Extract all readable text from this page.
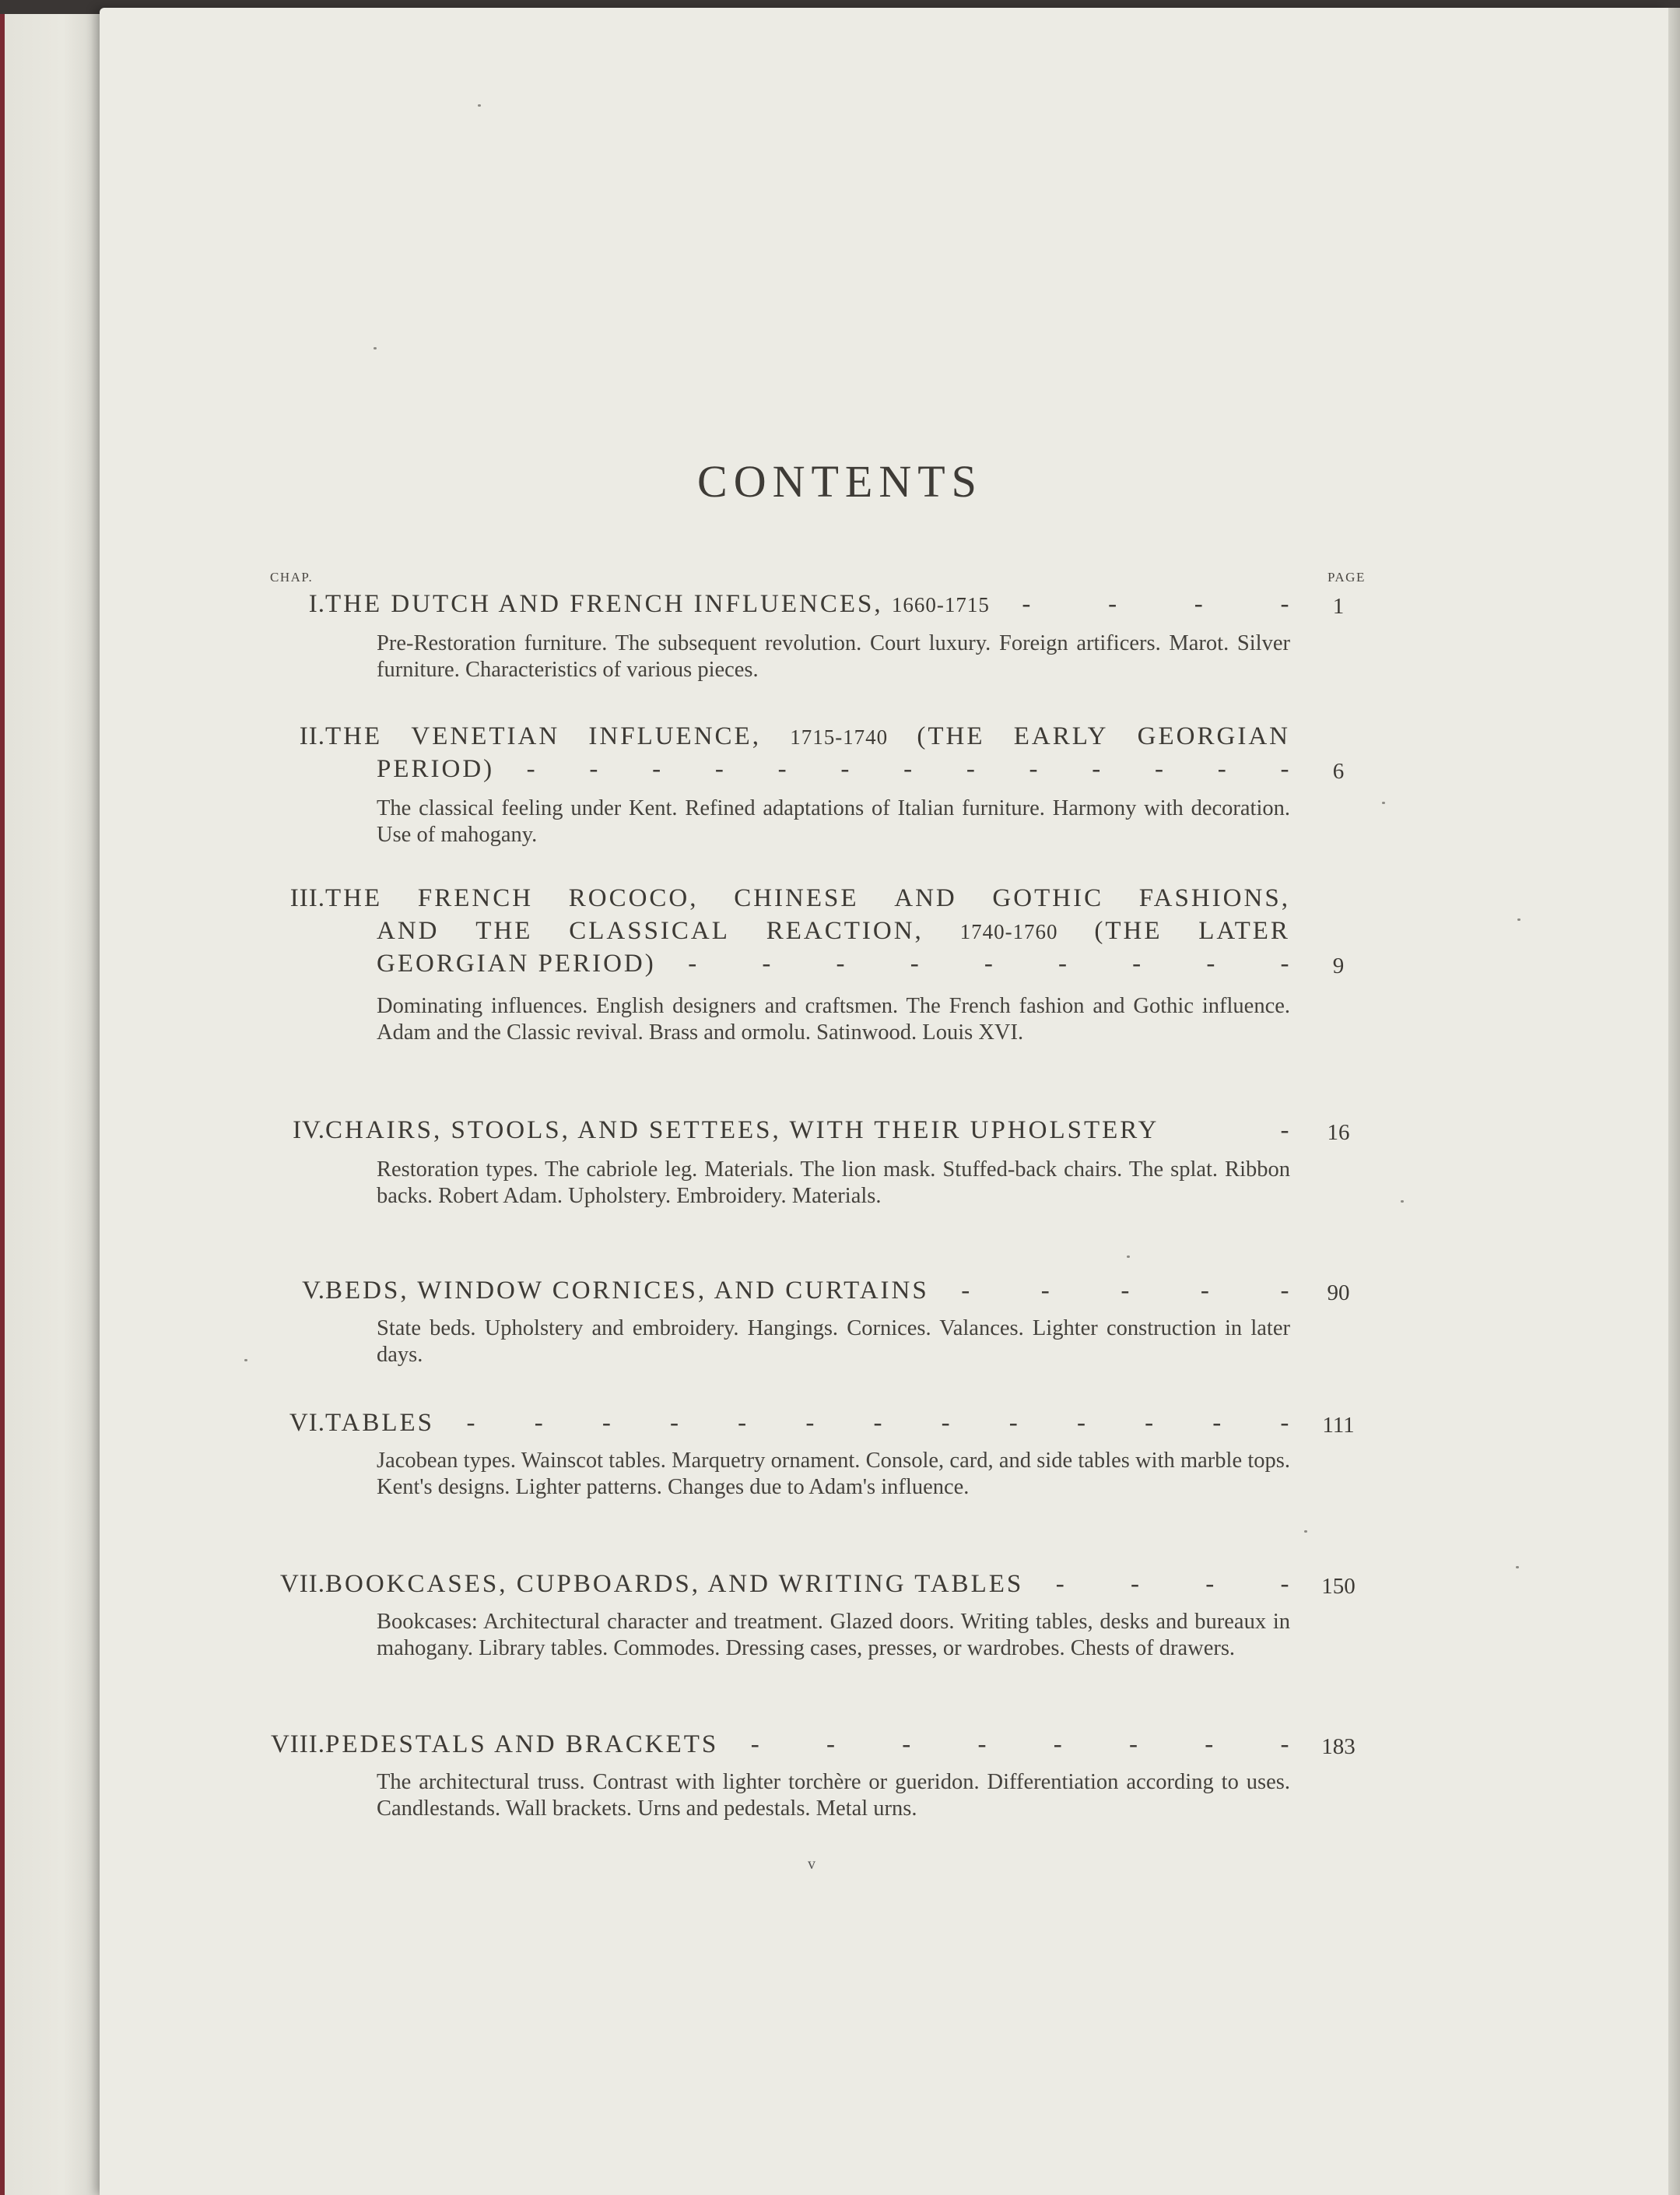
CONTENTS
CHAP.	PAGE
I. THE DUTCH AND FRENCH INFLUENCES, 1660-1715 -	-	-	-	1

Pre-Restoration furniture. The subsequent revolution. Court luxury. Foreign artificers. Marot. Silver furniture. Characteristics of various pieces.

II. THE VENETIAN INFLUENCE, 1715-1740 (THE EARLY GEORGIAN
PERIOD) - - - - - - - - - - - - -	6

The classical feeling under Kent. Refined adaptations of Italian furniture. Harmony with decoration. Use of mahogany.

III. THE FRENCH ROCOCO, CHINESE AND GOTHIC FASHIONS,
AND THE CLASSICAL REACTION, 1740-1760 (THE LATER
GEORGIAN PERIOD) -	-	-	-	-	-	-	-	-	9

Dominating influences. English designers and craftsmen. The French fashion and Gothic influence. Adam and the Classic revival. Brass and ormolu. Satinwood. Louis XVI.

IV. CHAIRS, STOOLS, AND SETTEES, WITH THEIR UPHOLSTERY	-	16

Restoration types. The cabriole leg. Materials. The lion mask. Stuffed-back chairs. The splat. Ribbon backs. Robert Adam. Upholstery. Embroidery. Materials.

V. BEDS, WINDOW CORNICES, AND CURTAINS -	-	-	-	-	90

State beds. Upholstery and embroidery. Hangings. Cornices. Valances. Lighter construction in later days.

VI. TABLES - - - - - - - - - - - - -	111

Jacobean types. Wainscot tables. Marquetry ornament. Console, card, and side tables with marble tops. Kent's designs. Lighter patterns. Changes due to Adam's influence.

VII. BOOKCASES, CUPBOARDS, AND WRITING TABLES -	-	-	-	150

Bookcases: Architectural character and treatment. Glazed doors. Writing tables, desks and bureaux in mahogany. Library tables. Commodes. Dressing cases, presses, or wardrobes. Chests of drawers.

VIII. PEDESTALS AND BRACKETS -	-	-	-	-	-	-	-	183

The architectural truss. Contrast with lighter torchère or gueridon. Differentiation according to uses. Candlestands. Wall brackets. Urns and pedestals. Metal urns.

v
